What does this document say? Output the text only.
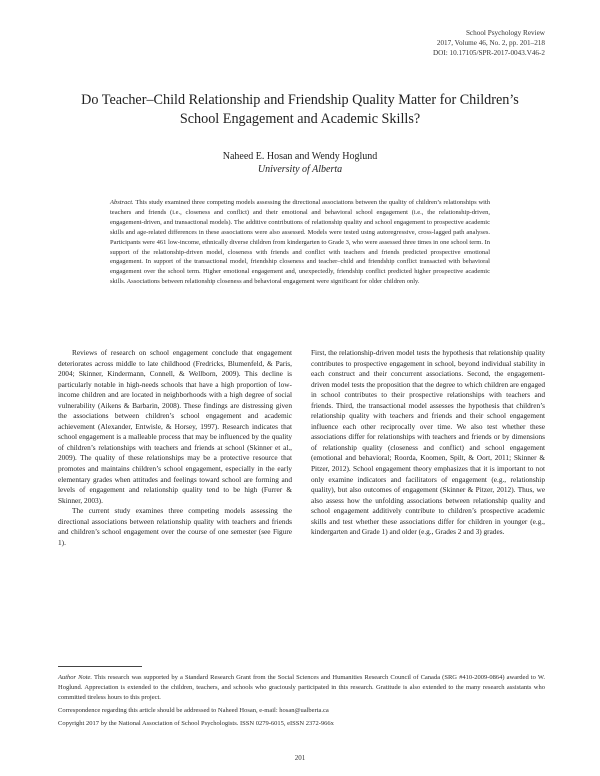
School Psychology Review
2017, Volume 46, No. 2, pp. 201–218
DOI: 10.17105/SPR-2017-0043.V46-2
Do Teacher–Child Relationship and Friendship Quality Matter for Children’s
School Engagement and Academic Skills?
Naheed E. Hosan and Wendy Hoglund
University of Alberta
Abstract. This study examined three competing models assessing the directional associations between the quality of children’s relationships with teachers and friends (i.e., closeness and conflict) and their emotional and behavioral school engagement (i.e., the relationship-driven, engagement-driven, and transactional models). The additive contributions of relationship quality and school engagement to prospective academic skills and age-related differences in these associations were also assessed. Models were tested using autoregressive, cross-lagged path analyses. Participants were 461 low-income, ethnically diverse children from kindergarten to Grade 3, who were assessed three times in one school term. In support of the relationship-driven model, closeness with friends and conflict with teachers and friends predicted prospective emotional engagement. In support of the transactional model, friendship closeness and teacher–child and friendship conflict transacted with behavioral engagement over the school term. Higher emotional engagement and, unexpectedly, friendship conflict predicted higher prospective academic skills. Associations between relationship closeness and behavioral engagement were significant for older children only.

Reviews of research on school engagement conclude that engagement deteriorates across middle to late childhood (Fredricks, Blumenfeld, & Paris, 2004; Skinner, Kindermann, Connell, & Wellborn, 2009). This decline is particularly notable in high-needs schools that have a high proportion of low-income children and are located in neighborhoods with a high degree of social vulnerability (Aikens & Barbarin, 2008). These findings are distressing given the associations between children’s school engagement and academic achievement (Alexander, Entwisle, & Horsey, 1997). Research indicates that school engagement is a malleable process that may be influenced by the quality of children’s relationships with teachers and friends at school (Skinner et al., 2009). The quality of these relationships may be a protective resource that promotes and maintains children’s school engagement, especially in the early elementary grades when attitudes and feelings toward school are forming and levels of engagement and relationship quality tend to be high (Furrer & Skinner, 2003).

The current study examines three competing models assessing the directional associations between relationship quality with teachers and friends and children’s school engagement over the course of one semester (see Figure 1).

First, the relationship-driven model tests the hypothesis that relationship quality contributes to prospective engagement in school, beyond individual stability in each construct and their concurrent associations. Second, the engagement-driven model tests the proposition that the degree to which children are engaged in school contributes to their prospective relationships with teachers and friends. Third, the transactional model assesses the hypothesis that children’s relationship quality with teachers and friends and their school engagement influence each other reciprocally over time. We also test whether these associations differ for relationships with teachers and friends or by dimensions of relationship quality (closeness and conflict) and school engagement (emotional and behavioral; Roorda, Koomen, Spilt, & Oort, 2011; Skinner & Pitzer, 2012). School engagement theory emphasizes that it is important to not only examine indicators and facilitators of engagement (e.g., relationship quality), but also outcomes of engagement (Skinner & Pitzer, 2012). Thus, we also assess how the unfolding associations between relationship quality and school engagement additively contribute to children’s prospective academic skills and test whether these associations differ for children in younger (e.g., kindergarten and Grade 1) and older (e.g., Grades 2 and 3) grades.

Author Note. This research was supported by a Standard Research Grant from the Social Sciences and Humanities Research Council of Canada (SRG #410-2009-0864) awarded to W. Hoglund. Appreciation is extended to the children, teachers, and schools who graciously participated in this research. Gratitude is also extended to the many research assistants who committed tireless hours to this project.

Correspondence regarding this article should be addressed to Naheed Hosan, e-mail: hosan@ualberta.ca

Copyright 2017 by the National Association of School Psychologists. ISSN 0279-6015, eISSN 2372-966x

201
